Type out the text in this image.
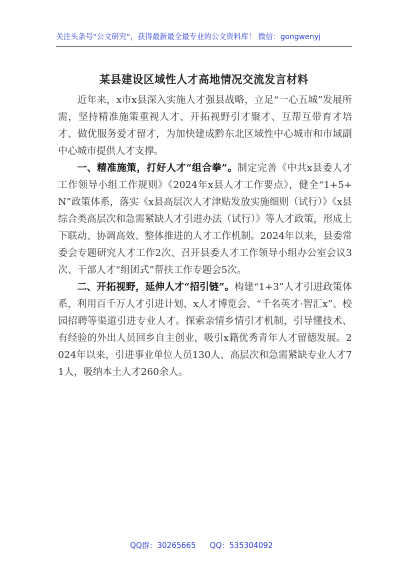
关注头条号“公文研究”，获得最新最全最专业的公文资料库！ 微信：gongwenyj
某县建设区域性人才高地情况交流发言材料

近年来，x市x县深入实施人才强县战略，立足“一心五城”发展所需，坚持精准施策重视人才、开拓视野引才聚才、互帮互带育才培才、做优服务爱才留才，为加快建成黔东北区域性中心城市和市域副中心城市提供人才支撑。

一、精准施策，打好人才“组合拳”。制定完善《中共x县委人才工作领导小组工作规则》《2024年x县人才工作要点》，健全“1+5+N”政策体系，落实《x县高层次人才津贴发放实施细则（试行）》《x县综合类高层次和急需紧缺人才引进办法（试行）》等人才政策，形成上下联动、协调高效、整体推进的人才工作机制。2024年以来，县委常委会专题研究人才工作2次、召开县委人才工作领导小组办公室会议3次、干部人才“组团式”帮扶工作专题会5次。

二、开拓视野，延伸人才“招引链”。构建“1+3”人才引进政策体系，利用百千万人才引进计划、x人才博览会、“千名英才·智汇x”、校园招聘等渠道引进专业人才。探索亲情乡情引才机制，引导懂技术、有经验的外出人员回乡自主创业，吸引x籍优秀青年人才留德发展。2024年以来，引进事业单位人员130人、高层次和急需紧缺专业人才71人，吸纳本土人才260余人。

QQ群：30265665 QQ：535304092
